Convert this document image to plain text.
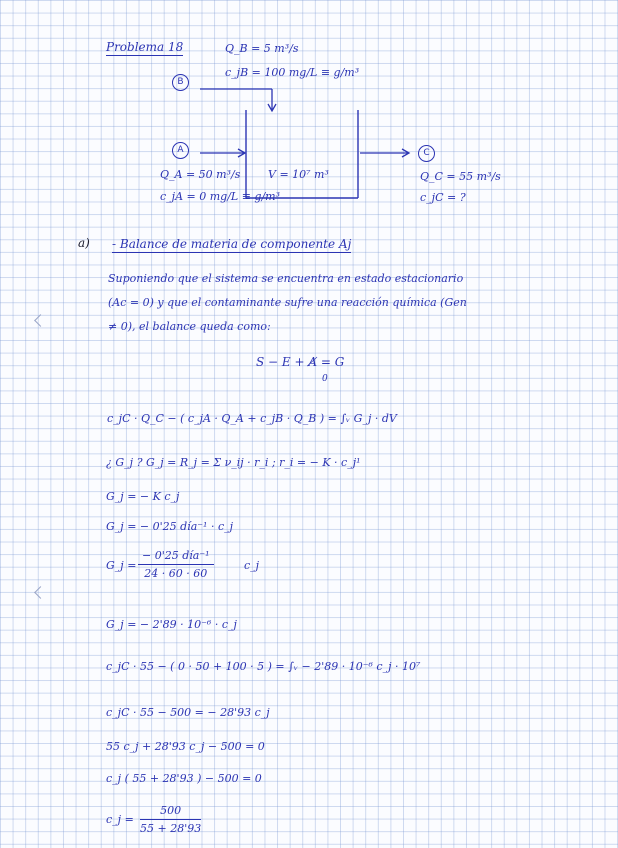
Problema 18	Q_B = 5 m³/s
c_jB = 100 mg/L ≡ g/m³
B
A	C
Q_A = 50 m³/s
c_jA = 0 mg/L ≡ g/m³
V = 10⁷ m³	Q_C = 55 m³/s
c_jC = ?
a) - Balance de materia de componente Aj
Suponiendo que el sistema se encuentra en estado estacionario
(Ac = 0) y que el contaminante sufre una reacción química (Gen
≠ 0), el balance queda como:
S − E + A̸ = G
0
c_jC · Q_C − ( c_jA · Q_A + c_jB · Q_B ) = ∫ᵥ G_j · dV
¿ G_j ? G_j = R_j = Σ ν_ij · r_i ; r_i = − K · c_j¹
G_j = − K c_j
G_j = − 0'25 día⁻¹ · c_j
G_j =
− 0'25 día⁻¹
24 · 60 · 60
c_j
G_j = − 2'89 · 10⁻⁶ · c_j
c_jC · 55 − ( 0 · 50 + 100 · 5 ) = ∫ᵥ − 2'89 · 10⁻⁶ c_j · 10⁷
c_jC · 55 − 500 = − 28'93 c_j
55 c_j + 28'93 c_j − 500 = 0
c_j ( 55 + 28'93 ) − 500 = 0
c_j = $\frac{500}{55 + 28'93}$
